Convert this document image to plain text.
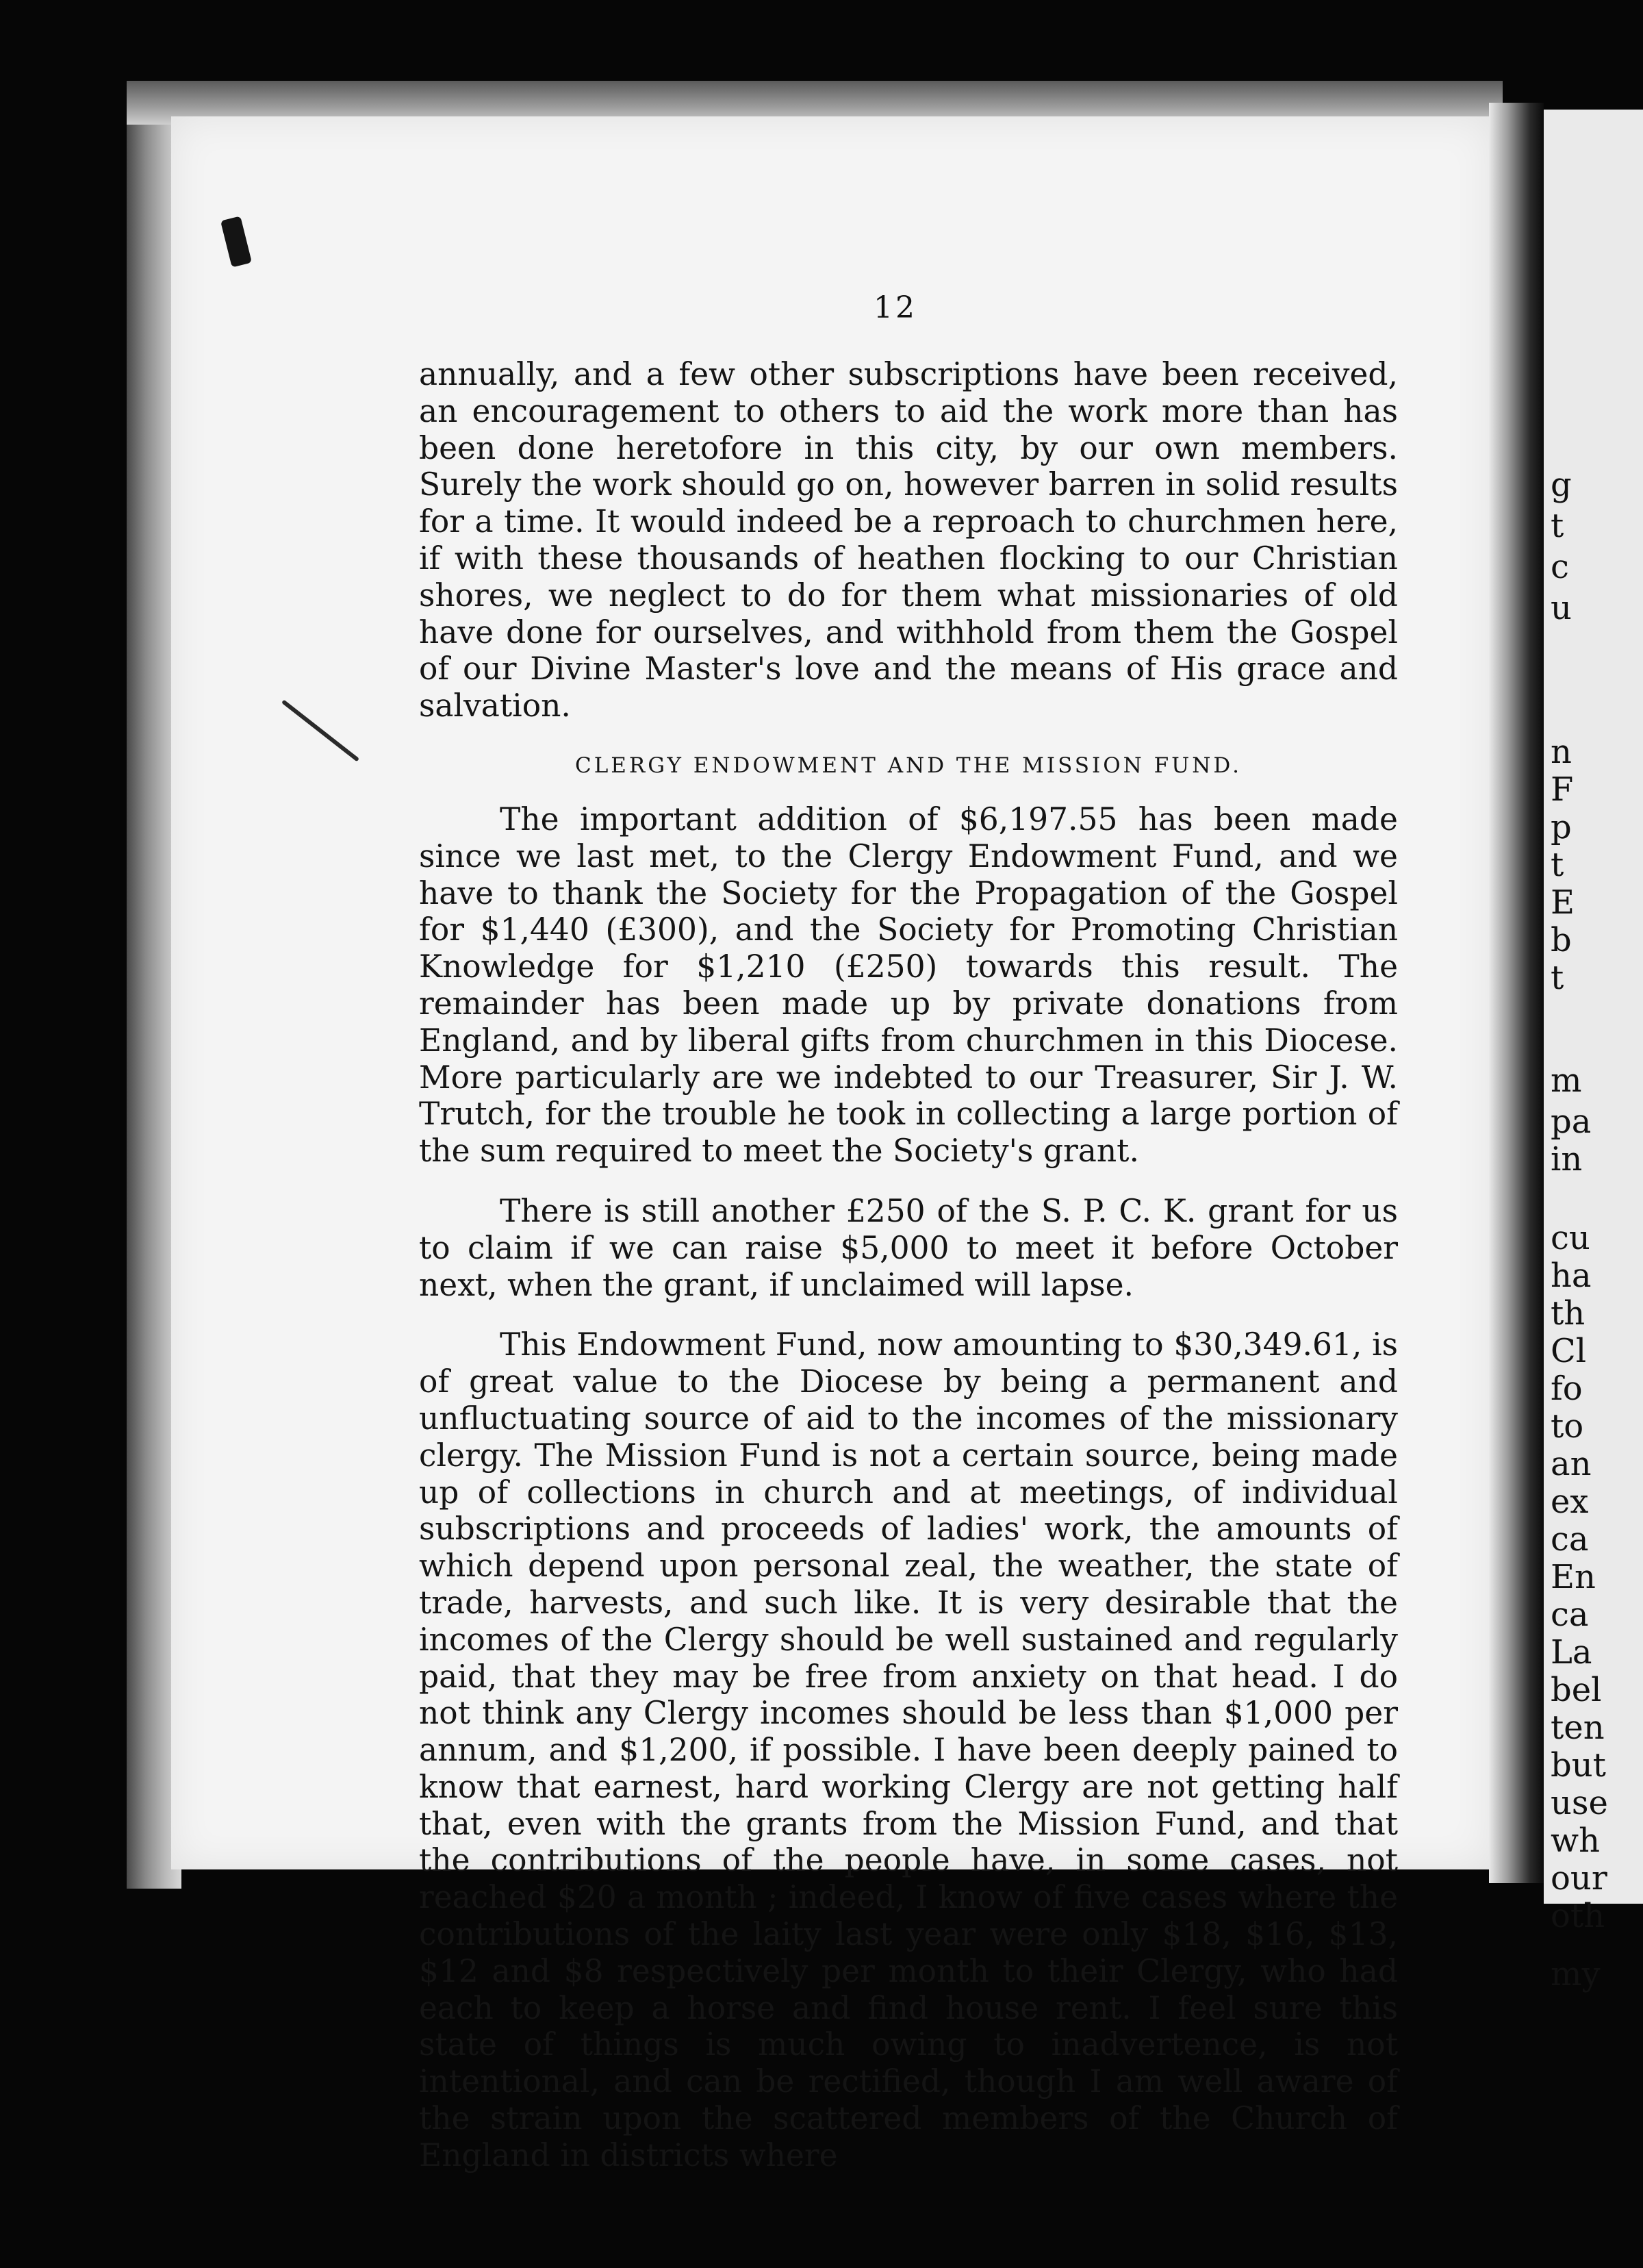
g
t
c
u
n
F
p
t
E
b
t
m
pa
in
cu
ha
th
Cl
fo
to
an
ex
ca
En
ca
La
bel
ten
but
use
wh
our
oth
my
12

annually, and a few other subscriptions have been received, an encouragement to others to aid the work more than has been done heretofore in this city, by our own members. Surely the work should go on, however barren in solid results for a time. It would indeed be a reproach to churchmen here, if with these thousands of heathen flocking to our Christian shores, we neglect to do for them what missionaries of old have done for ourselves, and withhold from them the Gospel of our Divine Master's love and the means of His grace and salvation.

CLERGY ENDOWMENT AND THE MISSION FUND.

The important addition of $6,197.55 has been made since we last met, to the Clergy Endowment Fund, and we have to thank the Society for the Propagation of the Gospel for $1,440 (£300), and the Society for Promoting Christian Knowledge for $1,210 (£250) towards this result. The remainder has been made up by private donations from England, and by liberal gifts from churchmen in this Diocese. More particularly are we indebted to our Treasurer, Sir J. W. Trutch, for the trouble he took in collecting a large portion of the sum required to meet the Society's grant.

There is still another £250 of the S. P. C. K. grant for us to claim if we can raise $5,000 to meet it before October next, when the grant, if unclaimed will lapse.

This Endowment Fund, now amounting to $30,349.61, is of great value to the Diocese by being a permanent and unfluctuating source of aid to the incomes of the missionary clergy. The Mission Fund is not a certain source, being made up of collections in church and at meetings, of individual subscriptions and proceeds of ladies' work, the amounts of which depend upon personal zeal, the weather, the state of trade, harvests, and such like. It is very desirable that the incomes of the Clergy should be well sustained and regularly paid, that they may be free from anxiety on that head. I do not think any Clergy incomes should be less than $1,000 per annum, and $1,200, if possible. I have been deeply pained to know that earnest, hard working Clergy are not getting half that, even with the grants from the Mission Fund, and that the contributions of the people have, in some cases, not reached $20 a month ; indeed, I know of five cases where the contributions of the laity last year were only $18, $16, $13, $12 and $8 respectively per month to their Clergy, who had each to keep a horse and find house rent. I feel sure this state of things is much owing to inadvertence, is not intentional, and can be rectified, though I am well aware of the strain upon the scattered members of the Church of England in districts where
